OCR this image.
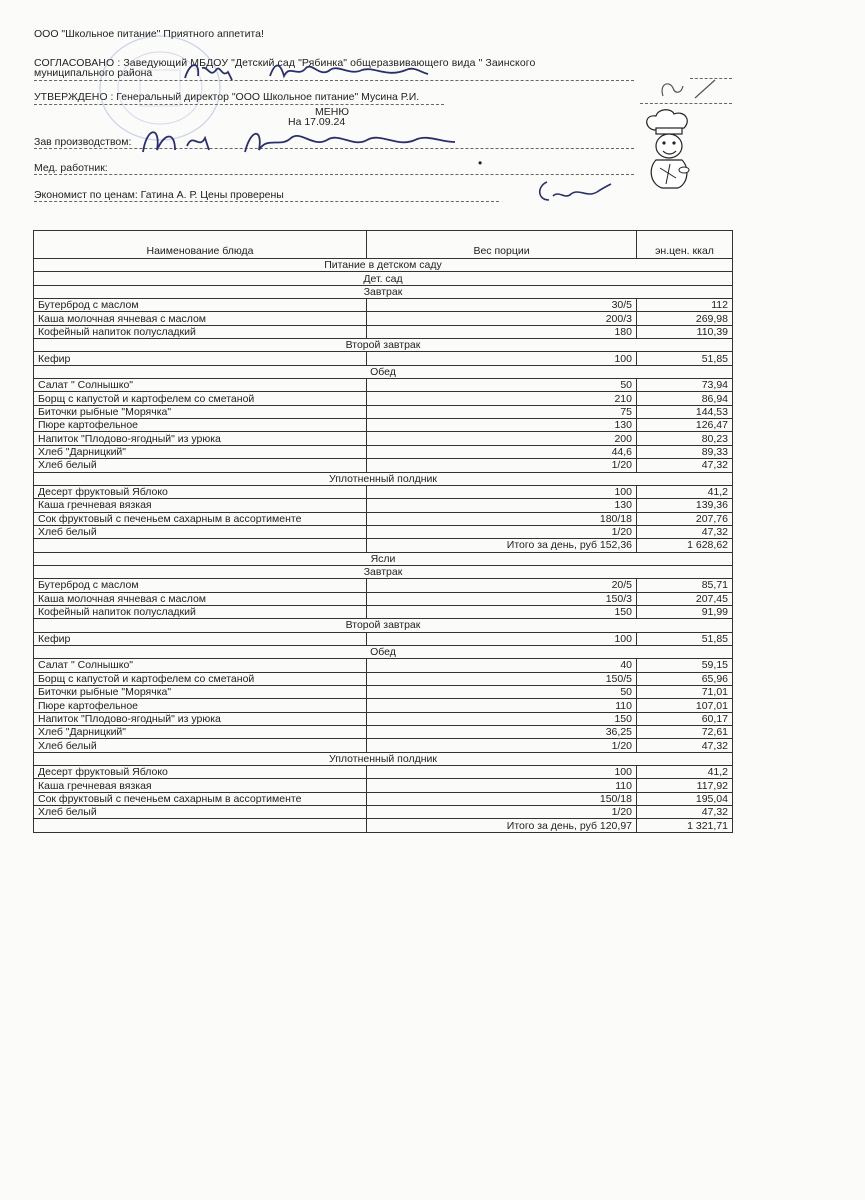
ООО "Школьное питание" Приятного аппетита!
СОГЛАСОВАНО : Заведующий МБДОУ "Детский сад "Рябинка" общеразвивающего вида " Заинского
муниципального района
УТВЕРЖДЕНО : Генеральный директор "ООО Школьное питание" Мусина Р.И.
МЕНЮ
На 17.09.24
Зав производством:
Мед. работник:	•
Экономист по ценам: Гатина А. Р. Цены проверены
Наименование блюда	Вес порции	эн.цен. ккал
Питание в детском саду		
Дет. сад		
Завтрак		
Бутерброд с маслом	30/5	112
Каша молочная ячневая с маслом	200/3	269,98
Кофейный напиток полусладкий	180	110,39
Второй завтрак		
Кефир	100	51,85
Обед		
Салат " Солнышко"	50	73,94
Борщ с капустой и картофелем со сметаной	210	86,94
Биточки рыбные "Морячка"	75	144,53
Пюре картофельное	130	126,47
Напиток "Плодово-ягодный" из урюка	200	80,23
Хлеб "Дарницкий"	44,6	89,33
Хлеб белый	1/20	47,32
Уплотненный полдник		
Десерт фруктовый Яблоко	100	41,2
Каша гречневая вязкая	130	139,36
Сок фруктовый с печеньем сахарным в ассортименте	180/18	207,76
Хлеб белый	1/20	47,32
	Итого за день, руб 152,36	1 628,62
Ясли		
Завтрак		
Бутерброд с маслом	20/5	85,71
Каша молочная ячневая с маслом	150/3	207,45
Кофейный напиток полусладкий	150	91,99
Второй завтрак		
Кефир	100	51,85
Обед		
Салат " Солнышко"	40	59,15
Борщ с капустой и картофелем со сметаной	150/5	65,96
Биточки рыбные "Морячка"	50	71,01
Пюре картофельное	110	107,01
Напиток "Плодово-ягодный" из урюка	150	60,17
Хлеб "Дарницкий"	36,25	72,61
Хлеб белый	1/20	47,32
Уплотненный полдник		
Десерт фруктовый Яблоко	100	41,2
Каша гречневая вязкая	110	117,92
Сок фруктовый с печеньем сахарным в ассортименте	150/18	195,04
Хлеб белый	1/20	47,32
	Итого за день, руб 120,97	1 321,71
